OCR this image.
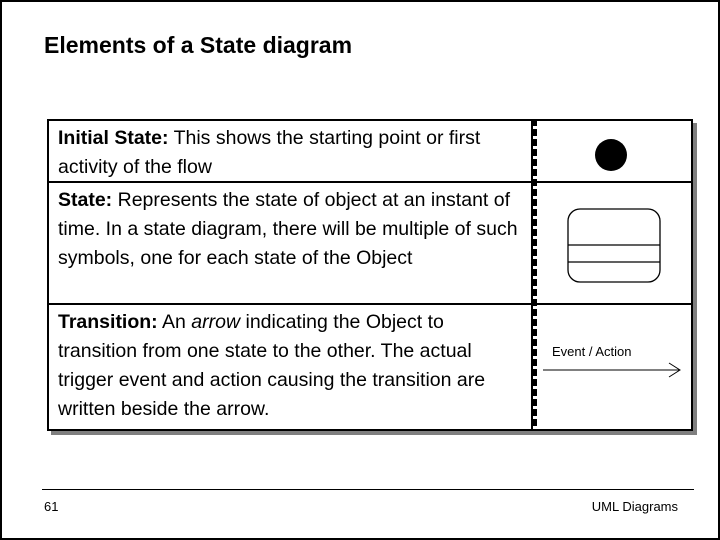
Elements of a State diagram
Initial State: This shows the starting point or first activity of the flow
State: Represents the state of object at an instant of time. In a state diagram, there will be multiple of such symbols, one for each state of the Object
Transition: An arrow indicating the Object to transition from one state to the other. The actual trigger event and action causing the transition are written beside the arrow.
Event / Action
61	UML Diagrams
